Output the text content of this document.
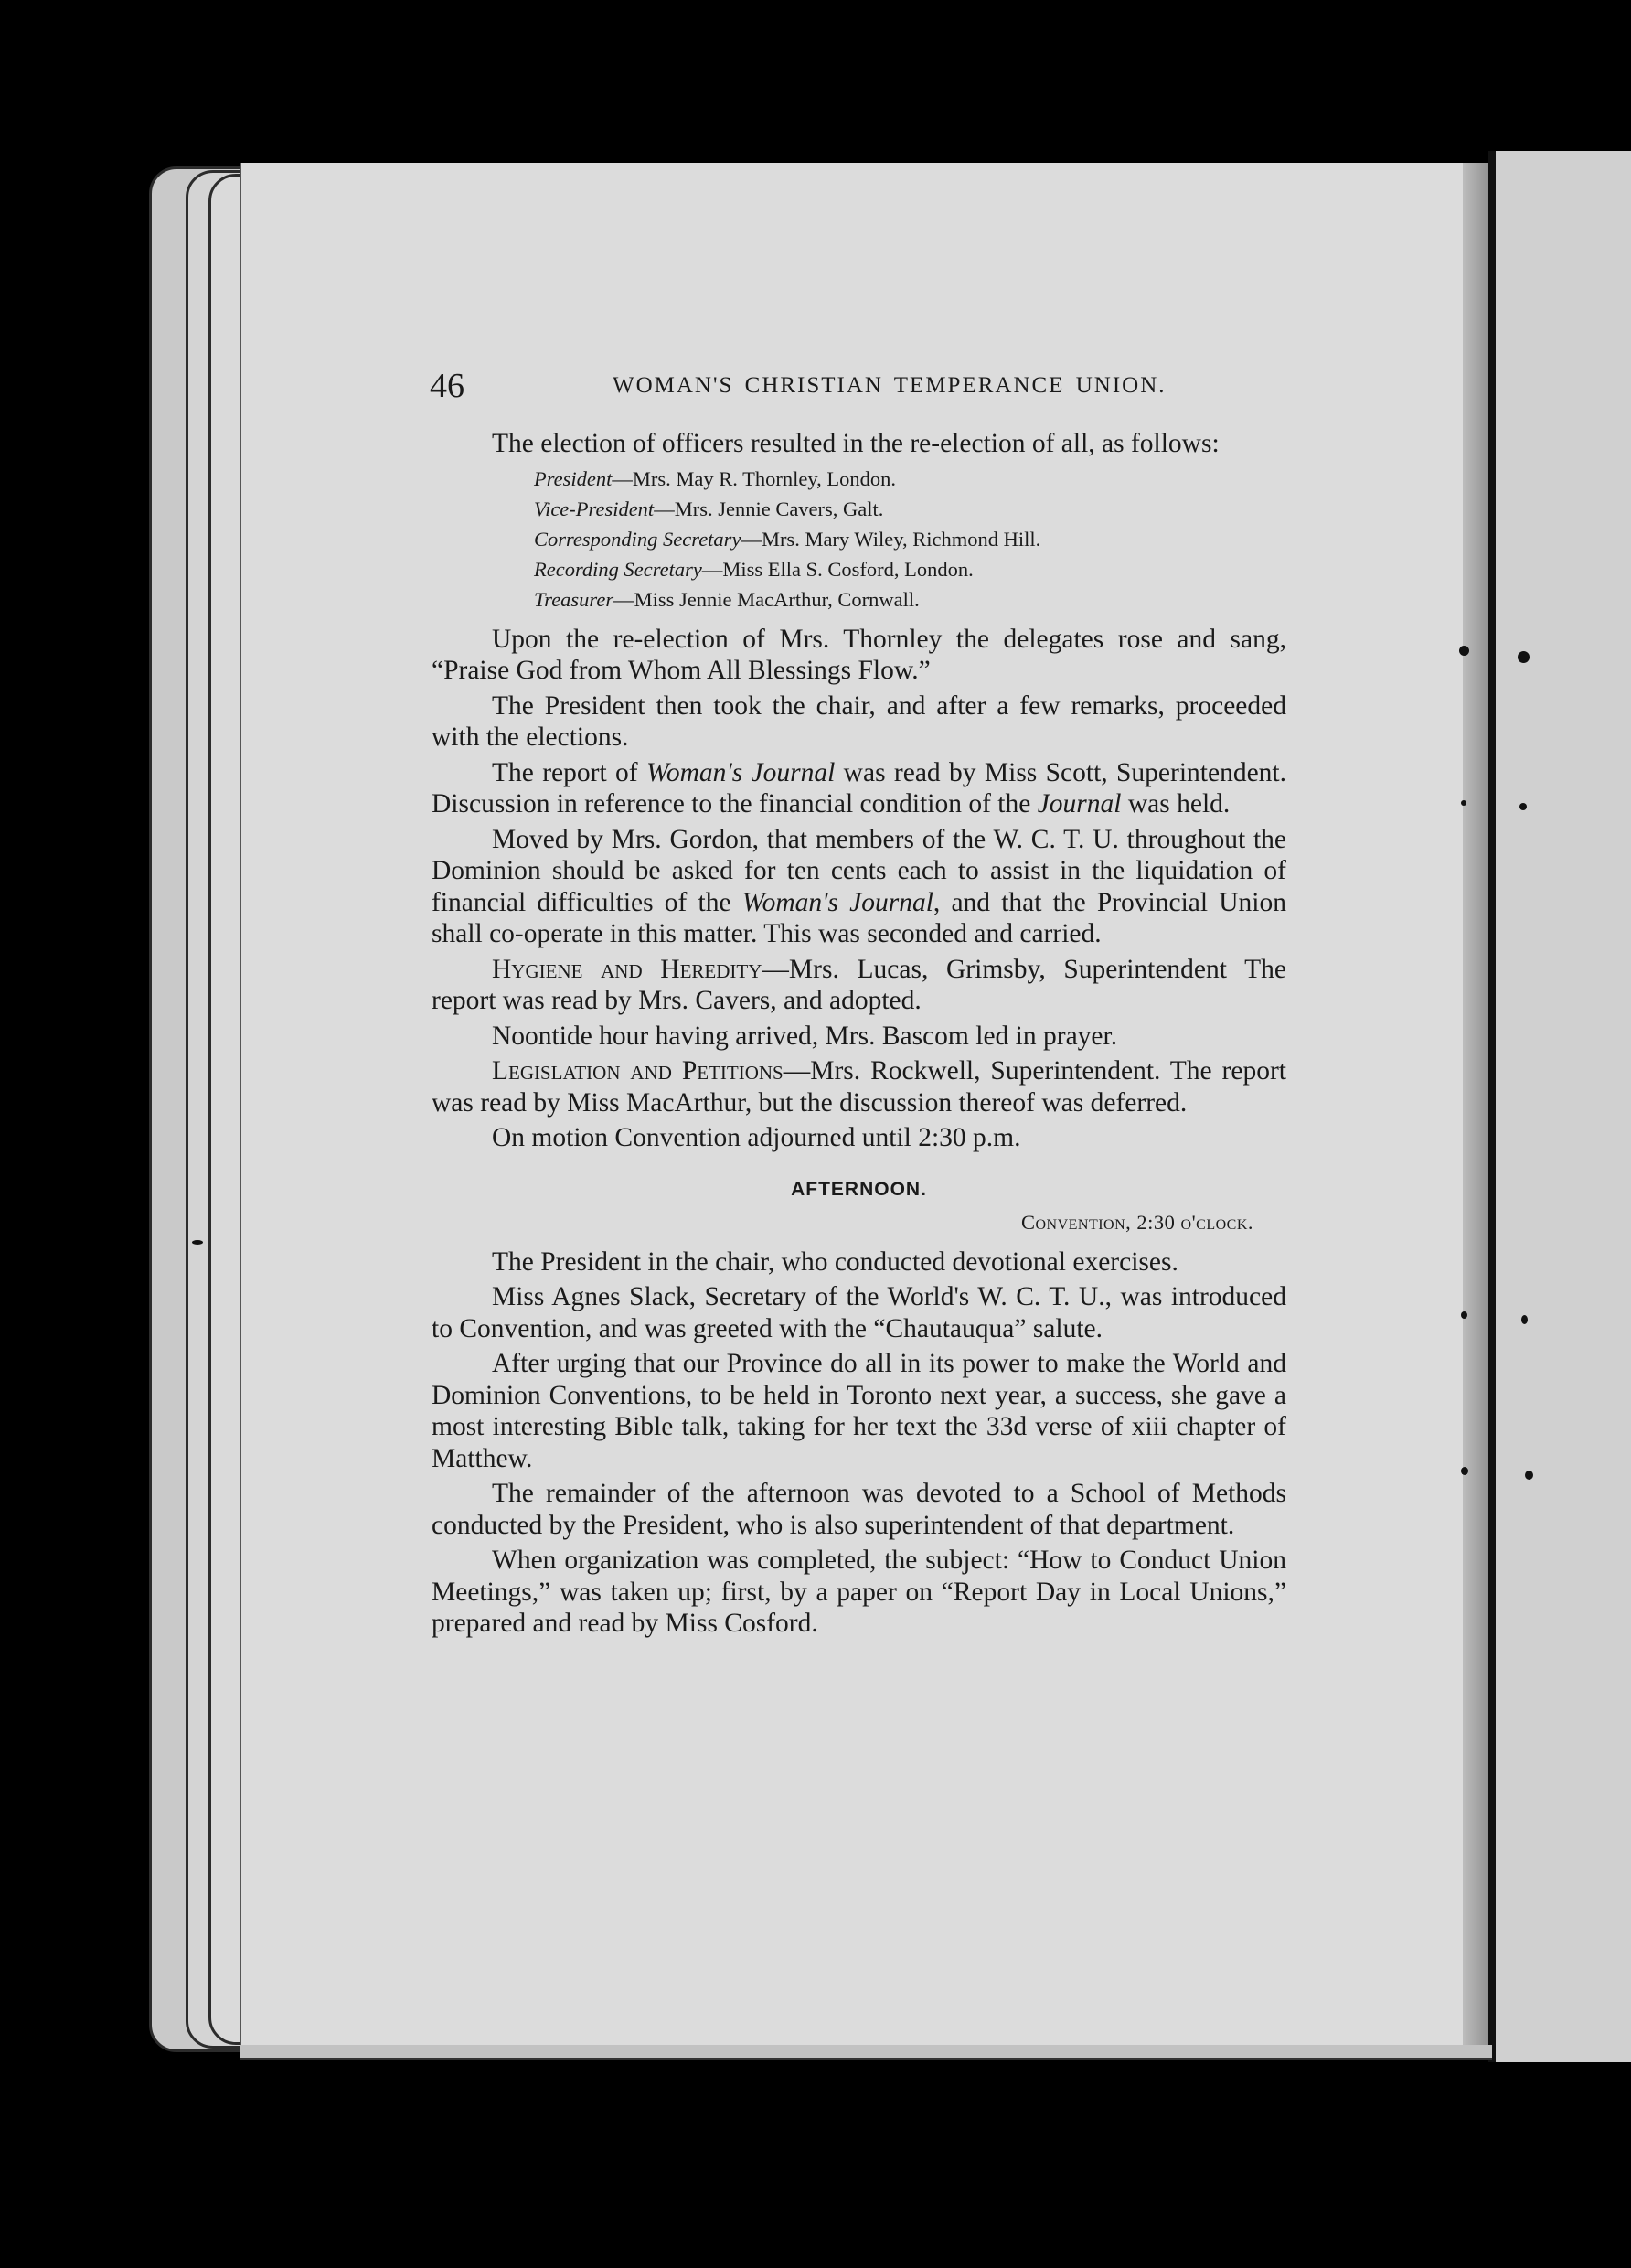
46	WOMAN'S CHRISTIAN TEMPERANCE UNION.

The election of officers resulted in the re-election of all, as follows:

President—Mrs. May R. Thornley, London.
Vice-President—Mrs. Jennie Cavers, Galt.
Corresponding Secretary—Mrs. Mary Wiley, Richmond Hill.
Recording Secretary—Miss Ella S. Cosford, London.
Treasurer—Miss Jennie MacArthur, Cornwall.

Upon the re-election of Mrs. Thornley the delegates rose and sang, “Praise God from Whom All Blessings Flow.”

The President then took the chair, and after a few remarks, proceeded with the elections.

The report of Woman's Journal was read by Miss Scott, Superintendent. Discussion in reference to the financial condition of the Journal was held.

Moved by Mrs. Gordon, that members of the W. C. T. U. throughout the Dominion should be asked for ten cents each to assist in the liquidation of financial difficulties of the Woman's Journal, and that the Provincial Union shall co-operate in this matter. This was seconded and carried.

Hygiene and Heredity—Mrs. Lucas, Grimsby, Superintendent The report was read by Mrs. Cavers, and adopted.

Noontide hour having arrived, Mrs. Bascom led in prayer.

Legislation and Petitions—Mrs. Rockwell, Superintendent. The report was read by Miss MacArthur, but the discussion thereof was deferred.

On motion Convention adjourned until 2:30 p.m.

AFTERNOON.
Convention, 2:30 o'clock.

The President in the chair, who conducted devotional exercises.

Miss Agnes Slack, Secretary of the World's W. C. T. U., was introduced to Convention, and was greeted with the “Chautauqua” salute.

After urging that our Province do all in its power to make the World and Dominion Conventions, to be held in Toronto next year, a success, she gave a most interesting Bible talk, taking for her text the 33d verse of xiii chapter of Matthew.

The remainder of the afternoon was devoted to a School of Methods conducted by the President, who is also superintendent of that department.

When organization was completed, the subject: “How to Conduct Union Meetings,” was taken up; first, by a paper on “Report Day in Local Unions,” prepared and read by Miss Cosford.
